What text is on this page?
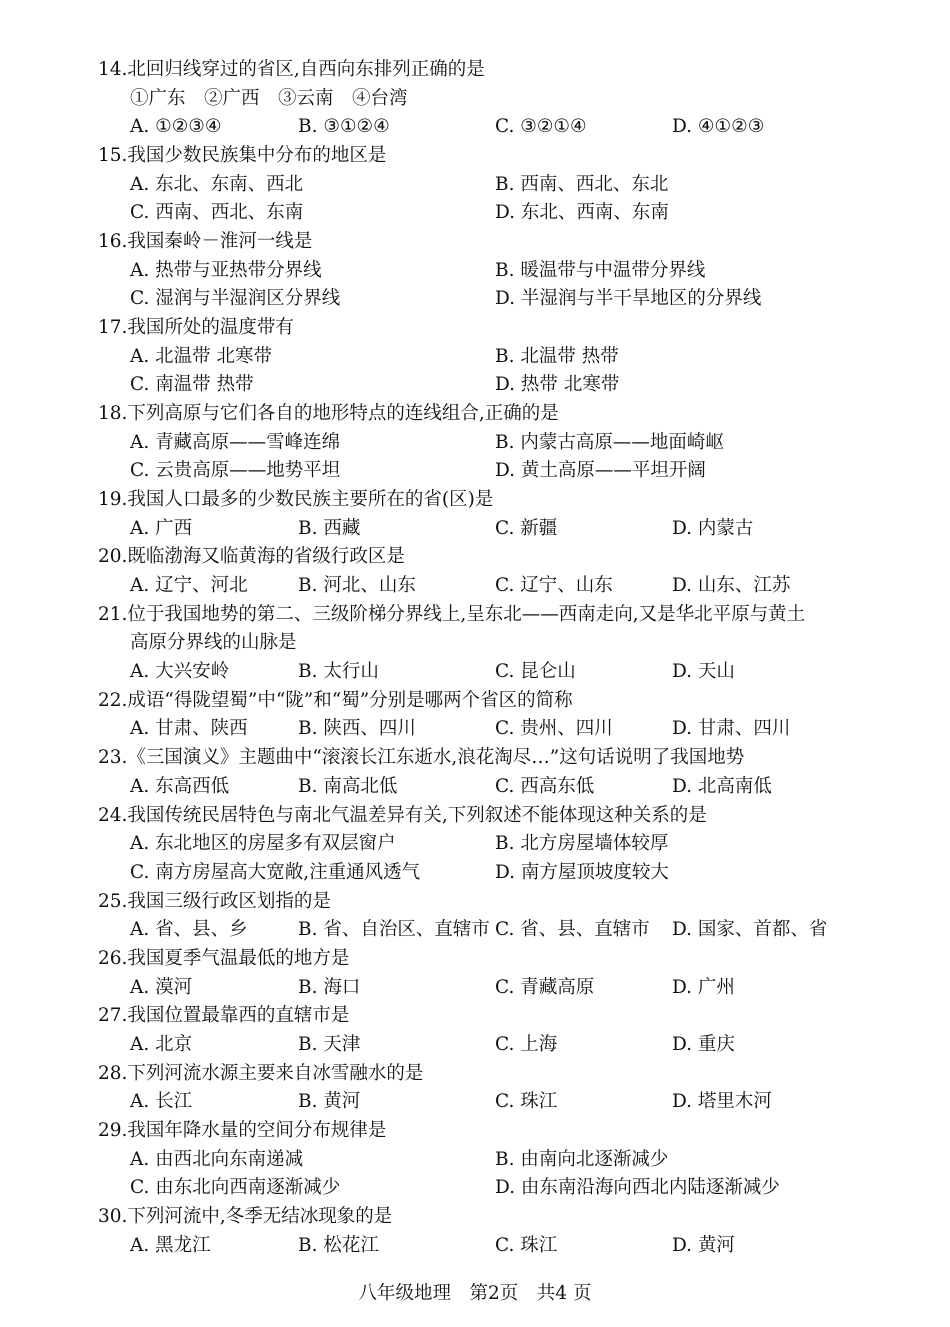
14.北回归线穿过的省区,自西向东排列正确的是
①广东　②广西　③云南　④台湾
A. ①②③④	B. ③①②④	C. ③②①④	D. ④①②③
15.我国少数民族集中分布的地区是
A. 东北、东南、西北	B. 西南、西北、东北
C. 西南、西北、东南	D. 东北、西南、东南
16.我国秦岭－淮河一线是
A. 热带与亚热带分界线	B. 暖温带与中温带分界线
C. 湿润与半湿润区分界线	D. 半湿润与半干旱地区的分界线
17.我国所处的温度带有
A. 北温带 北寒带	B. 北温带 热带
C. 南温带 热带	D. 热带 北寒带
18.下列高原与它们各自的地形特点的连线组合,正确的是
A. 青藏高原——雪峰连绵	B. 内蒙古高原——地面崎岖
C. 云贵高原——地势平坦	D. 黄土高原——平坦开阔
19.我国人口最多的少数民族主要所在的省(区)是
A. 广西	B. 西藏	C. 新疆	D. 内蒙古
20.既临渤海又临黄海的省级行政区是
A. 辽宁、河北	B. 河北、山东	C. 辽宁、山东	D. 山东、江苏
21.位于我国地势的第二、三级阶梯分界线上,呈东北——西南走向,又是华北平原与黄土
高原分界线的山脉是
A. 大兴安岭	B. 太行山	C. 昆仑山	D. 天山
22.成语“得陇望蜀”中“陇”和“蜀”分别是哪两个省区的简称
A. 甘肃、陕西	B. 陕西、四川	C. 贵州、四川	D. 甘肃、四川
23.《三国演义》主题曲中“滚滚长江东逝水,浪花淘尽…”这句话说明了我国地势
A. 东高西低	B. 南高北低	C. 西高东低	D. 北高南低
24.我国传统民居特色与南北气温差异有关,下列叙述不能体现这种关系的是
A. 东北地区的房屋多有双层窗户	B. 北方房屋墙体较厚
C. 南方房屋高大宽敞,注重通风透气	D. 南方屋顶坡度较大
25.我国三级行政区划指的是
A. 省、县、乡	B. 省、自治区、直辖市 C. 省、县、直辖市 D. 国家、首都、省
26.我国夏季气温最低的地方是
A. 漠河	B. 海口	C. 青藏高原	D. 广州
27.我国位置最靠西的直辖市是
A. 北京	B. 天津	C. 上海	D. 重庆
28.下列河流水源主要来自冰雪融水的是
A. 长江	B. 黄河	C. 珠江	D. 塔里木河
29.我国年降水量的空间分布规律是
A. 由西北向东南递减	B. 由南向北逐渐减少
C. 由东北向西南逐渐减少	D. 由东南沿海向西北内陆逐渐减少
30.下列河流中,冬季无结冰现象的是
A. 黑龙江	B. 松花江	C. 珠江	D. 黄河
八年级地理　第2页　共4 页
